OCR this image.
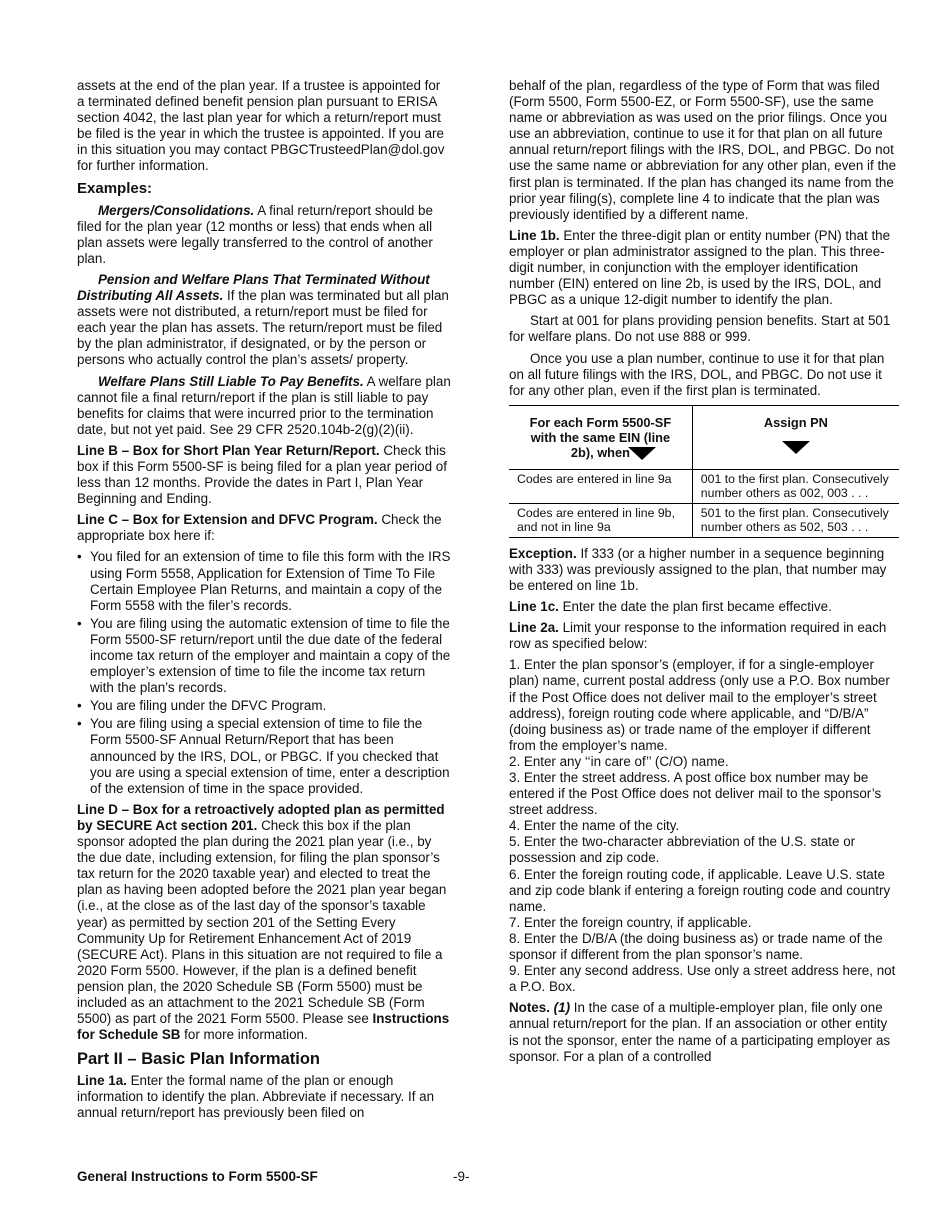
assets at the end of the plan year. If a trustee is appointed for a terminated defined benefit pension plan pursuant to ERISA section 4042, the last plan year for which a return/report must be filed is the year in which the trustee is appointed. If you are in this situation you may contact PBGCTrusteedPlan@dol.gov for further information.

Examples:

Mergers/Consolidations. A final return/report should be filed for the plan year (12 months or less) that ends when all plan assets were legally transferred to the control of another plan.

Pension and Welfare Plans That Terminated Without Distributing All Assets. If the plan was terminated but all plan assets were not distributed, a return/report must be filed for each year the plan has assets. The return/report must be filed by the plan administrator, if designated, or by the person or persons who actually control the plan’s assets/ property.

Welfare Plans Still Liable To Pay Benefits. A welfare plan cannot file a final return/report if the plan is still liable to pay benefits for claims that were incurred prior to the termination date, but not yet paid. See 29 CFR 2520.104b-2(g)(2)(ii).

Line B – Box for Short Plan Year Return/Report. Check this box if this Form 5500-SF is being filed for a plan year period of less than 12 months. Provide the dates in Part I, Plan Year Beginning and Ending.

Line C – Box for Extension and DFVC Program. Check the appropriate box here if:

• You filed for an extension of time to file this form with the IRS using Form 5558, Application for Extension of Time To File Certain Employee Plan Returns, and maintain a copy of the Form 5558 with the filer’s records.
• You are filing using the automatic extension of time to file the Form 5500-SF return/report until the due date of the federal income tax return of the employer and maintain a copy of the employer’s extension of time to file the income tax return with the plan’s records.
• You are filing under the DFVC Program.
• You are filing using a special extension of time to file the Form 5500-SF Annual Return/Report that has been announced by the IRS, DOL, or PBGC. If you checked that you are using a special extension of time, enter a description of the extension of time in the space provided.

Line D – Box for a retroactively adopted plan as permitted by SECURE Act section 201. Check this box if the plan sponsor adopted the plan during the 2021 plan year (i.e., by the due date, including extension, for filing the plan sponsor’s tax return for the 2020 taxable year) and elected to treat the plan as having been adopted before the 2021 plan year began (i.e., at the close as of the last day of the sponsor’s taxable year) as permitted by section 201 of the Setting Every Community Up for Retirement Enhancement Act of 2019 (SECURE Act). Plans in this situation are not required to file a 2020 Form 5500. However, if the plan is a defined benefit pension plan, the 2020 Schedule SB (Form 5500) must be included as an attachment to the 2021 Schedule SB (Form 5500) as part of the 2021 Form 5500. Please see Instructions for Schedule SB for more information.

Part II – Basic Plan Information

Line 1a. Enter the formal name of the plan or enough information to identify the plan. Abbreviate if necessary. If an annual return/report has previously been filed on

behalf of the plan, regardless of the type of Form that was filed (Form 5500, Form 5500-EZ, or Form 5500-SF), use the same name or abbreviation as was used on the prior filings. Once you use an abbreviation, continue to use it for that plan on all future annual return/report filings with the IRS, DOL, and PBGC. Do not use the same name or abbreviation for any other plan, even if the first plan is terminated. If the plan has changed its name from the prior year filing(s), complete line 4 to indicate that the plan was previously identified by a different name.

Line 1b. Enter the three-digit plan or entity number (PN) that the employer or plan administrator assigned to the plan. This three-digit number, in conjunction with the employer identification number (EIN) entered on line 2b, is used by the IRS, DOL, and PBGC as a unique 12-digit number to identify the plan.

Start at 001 for plans providing pension benefits. Start at 501 for welfare plans. Do not use 888 or 999.

Once you use a plan number, continue to use it for that plan on all future filings with the IRS, DOL, and PBGC. Do not use it for any other plan, even if the first plan is terminated.

For each Form 5500-SF with the same EIN (line 2b), when	Assign PN

Codes are entered in line 9a	001 to the first plan. Consecutively number others as 002, 003 . . .
Codes are entered in line 9b, and not in line 9a	501 to the first plan. Consecutively number others as 502, 503 . . .

Exception. If 333 (or a higher number in a sequence beginning with 333) was previously assigned to the plan, that number may be entered on line 1b.

Line 1c. Enter the date the plan first became effective.

Line 2a. Limit your response to the information required in each row as specified below:

1. Enter the plan sponsor’s (employer, if for a single-employer plan) name, current postal address (only use a P.O. Box number if the Post Office does not deliver mail to the employer’s street address), foreign routing code where applicable, and “D/B/A” (doing business as) or trade name of the employer if different from the employer’s name.

2. Enter any ‘‘in care of’’ (C/O) name.

3. Enter the street address. A post office box number may be entered if the Post Office does not deliver mail to the sponsor’s street address.

4. Enter the name of the city.

5. Enter the two-character abbreviation of the U.S. state or possession and zip code.

6. Enter the foreign routing code, if applicable. Leave U.S. state and zip code blank if entering a foreign routing code and country name.

7. Enter the foreign country, if applicable.

8. Enter the D/B/A (the doing business as) or trade name of the sponsor if different from the plan sponsor’s name.

9. Enter any second address. Use only a street address here, not a P.O. Box.

Notes. (1) In the case of a multiple-employer plan, file only one annual return/report for the plan. If an association or other entity is not the sponsor, enter the name of a participating employer as sponsor. For a plan of a controlled

General Instructions to Form 5500-SF	-9-
